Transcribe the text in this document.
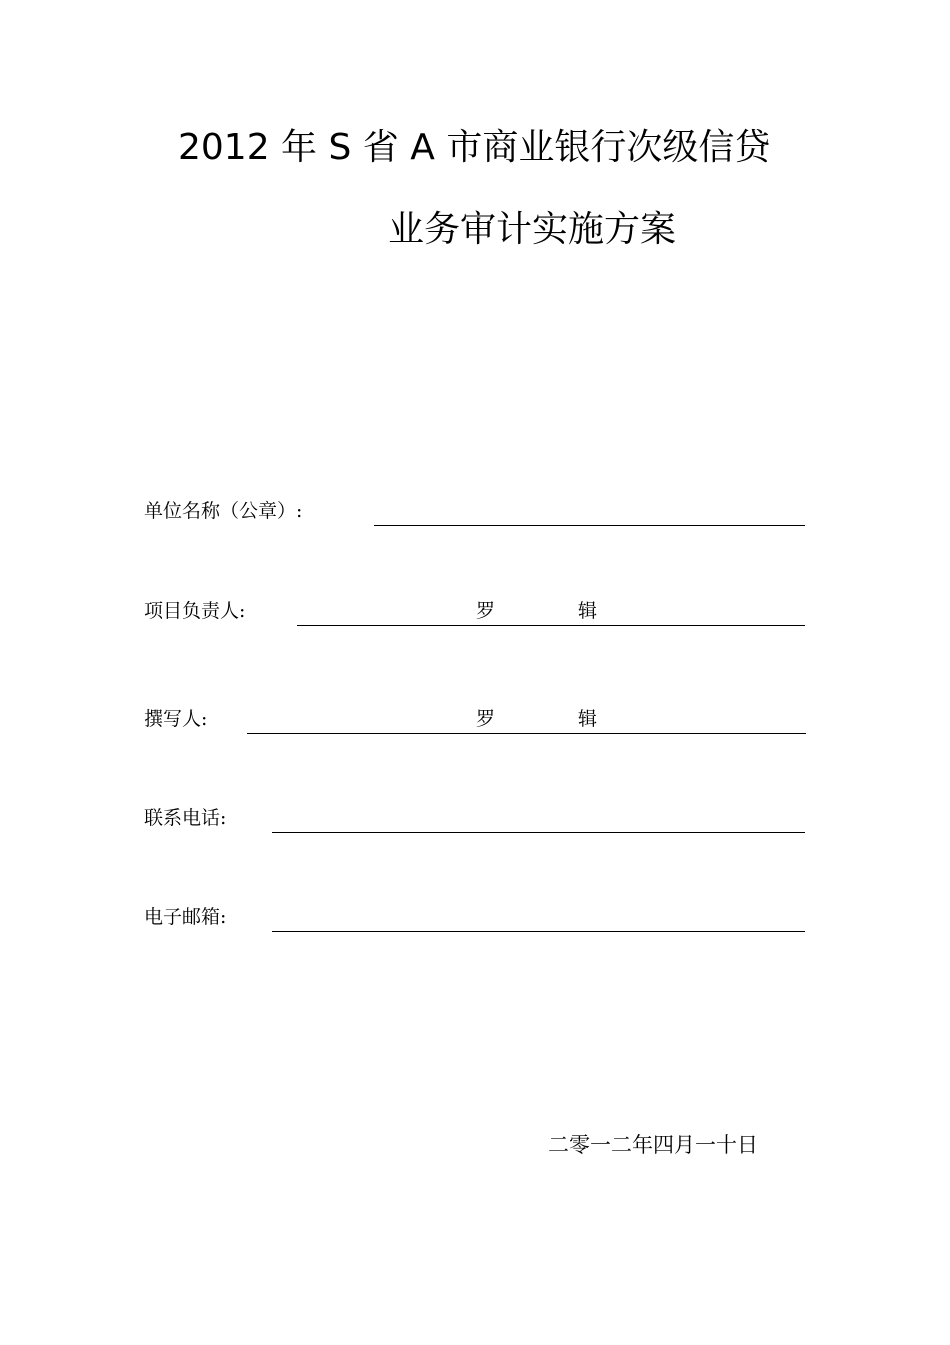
2012 年 S 省 A 市商业银行次级信贷
业务审计实施方案
单位名称（公章）:
项目负责人:	罗	辑
撰写人:	罗	辑
联系电话:
电子邮箱:
二零一二年四月一十日
